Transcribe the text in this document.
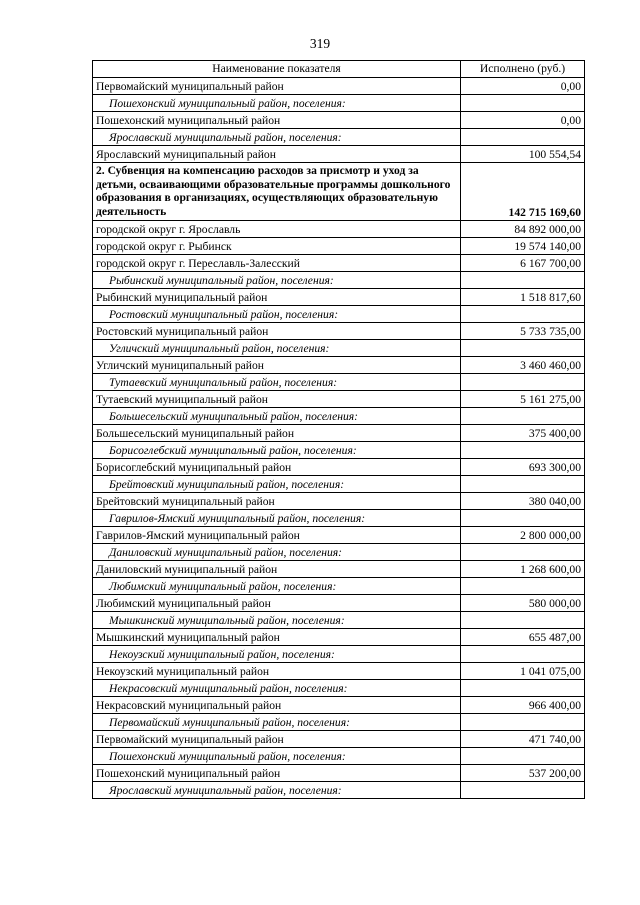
319
Наименование показателя	Исполнено (руб.)
Первомайский муниципальный район	0,00
Пошехонский муниципальный район, поселения:	
Пошехонский муниципальный район	0,00
Ярославский муниципальный район, поселения:	
Ярославский муниципальный район	100 554,54
2. Субвенция на компенсацию расходов за присмотр и уход за детьми, осваивающими образовательные программы дошкольного образования в организациях, осуществляющих образовательную деятельность	142 715 169,60
городской округ г. Ярославль	84 892 000,00
городской округ г. Рыбинск	19 574 140,00
городской округ г. Переславль-Залесский	6 167 700,00
Рыбинский муниципальный район, поселения:	
Рыбинский муниципальный район	1 518 817,60
Ростовский муниципальный район, поселения:	
Ростовский муниципальный район	5 733 735,00
Угличский муниципальный район, поселения:	
Угличский муниципальный район	3 460 460,00
Тутаевский муниципальный район, поселения:	
Тутаевский муниципальный район	5 161 275,00
Большесельский муниципальный район, поселения:	
Большесельский муниципальный район	375 400,00
Борисоглебский муниципальный район, поселения:	
Борисоглебский муниципальный район	693 300,00
Брейтовский муниципальный район, поселения:	
Брейтовский муниципальный район	380 040,00
Гаврилов-Ямский муниципальный район, поселения:	
Гаврилов-Ямский муниципальный район	2 800 000,00
Даниловский муниципальный район, поселения:	
Даниловский муниципальный район	1 268 600,00
Любимский муниципальный район, поселения:	
Любимский муниципальный район	580 000,00
Мышкинский муниципальный район, поселения:	
Мышкинский муниципальный район	655 487,00
Некоузский муниципальный район, поселения:	
Некоузский муниципальный район	1 041 075,00
Некрасовский муниципальный район, поселения:	
Некрасовский муниципальный район	966 400,00
Первомайский муниципальный район, поселения:	
Первомайский муниципальный район	471 740,00
Пошехонский муниципальный район, поселения:	
Пошехонский муниципальный район	537 200,00
Ярославский муниципальный район, поселения:	
